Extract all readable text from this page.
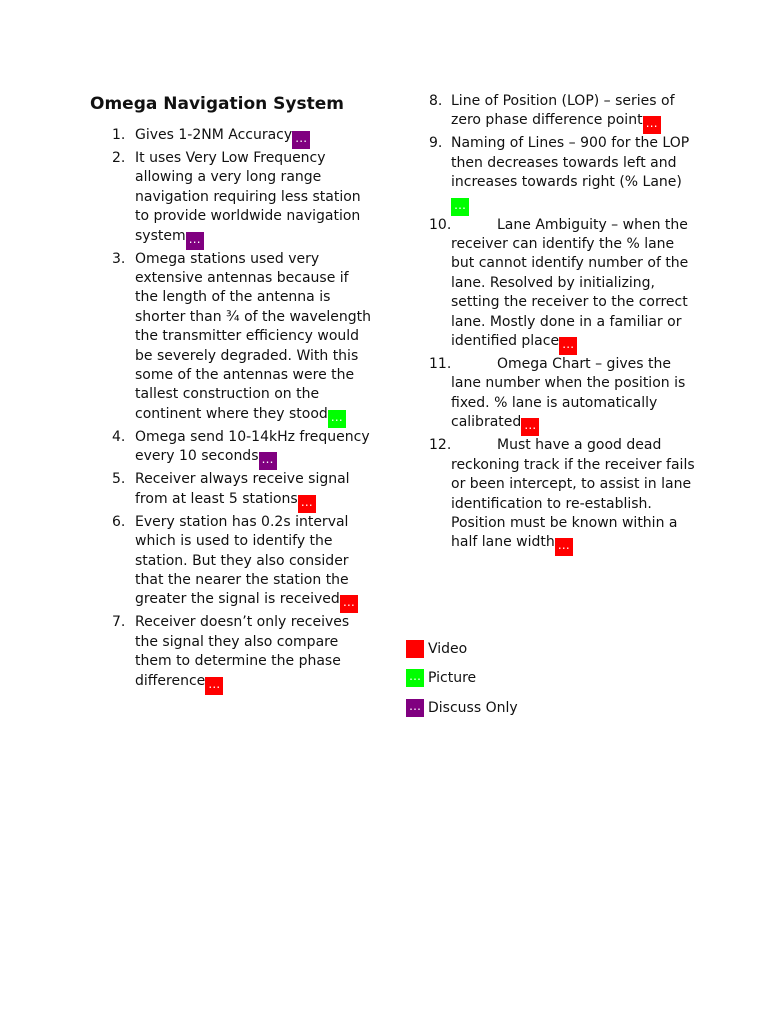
Omega Navigation System
1. Gives 1-2NM Accuracy …
2. It uses Very Low Frequency allowing a very long range navigation requiring less station to provide worldwide navigation system …
3. Omega stations used very extensive antennas because if the length of the antenna is shorter than ¾ of the wavelength the transmitter efficiency would be severely degraded. With this some of the antennas were the tallest construction on the continent where they stood …
4. Omega send 10-14kHz frequency every 10 seconds …
5. Receiver always receive signal from at least 5 stations …
6. Every station has 0.2s interval which is used to identify the station. But they also consider that the nearer the station the greater the signal is received …
7. Receiver doesn’t only receives the signal they also compare them to determine the phase difference …
8. Line of Position (LOP) – series of zero phase difference point …
9. Naming of Lines – 900 for the LOP then decreases towards left and increases towards right (% Lane)…
10.	Lane Ambiguity – when the receiver can identify the % lane but cannot identify number of the lane. Resolved by initializing, setting the receiver to the correct lane. Mostly done in a familiar or identified place …
11.	Omega Chart – gives the lane number when the position is fixed. % lane is automatically calibrated …
12.	Must have a good dead reckoning track if the receiver fails or been intercept, to assist in lane identification to re-establish. Position must be known within a half lane width …
Video
… Picture
… Discuss Only
